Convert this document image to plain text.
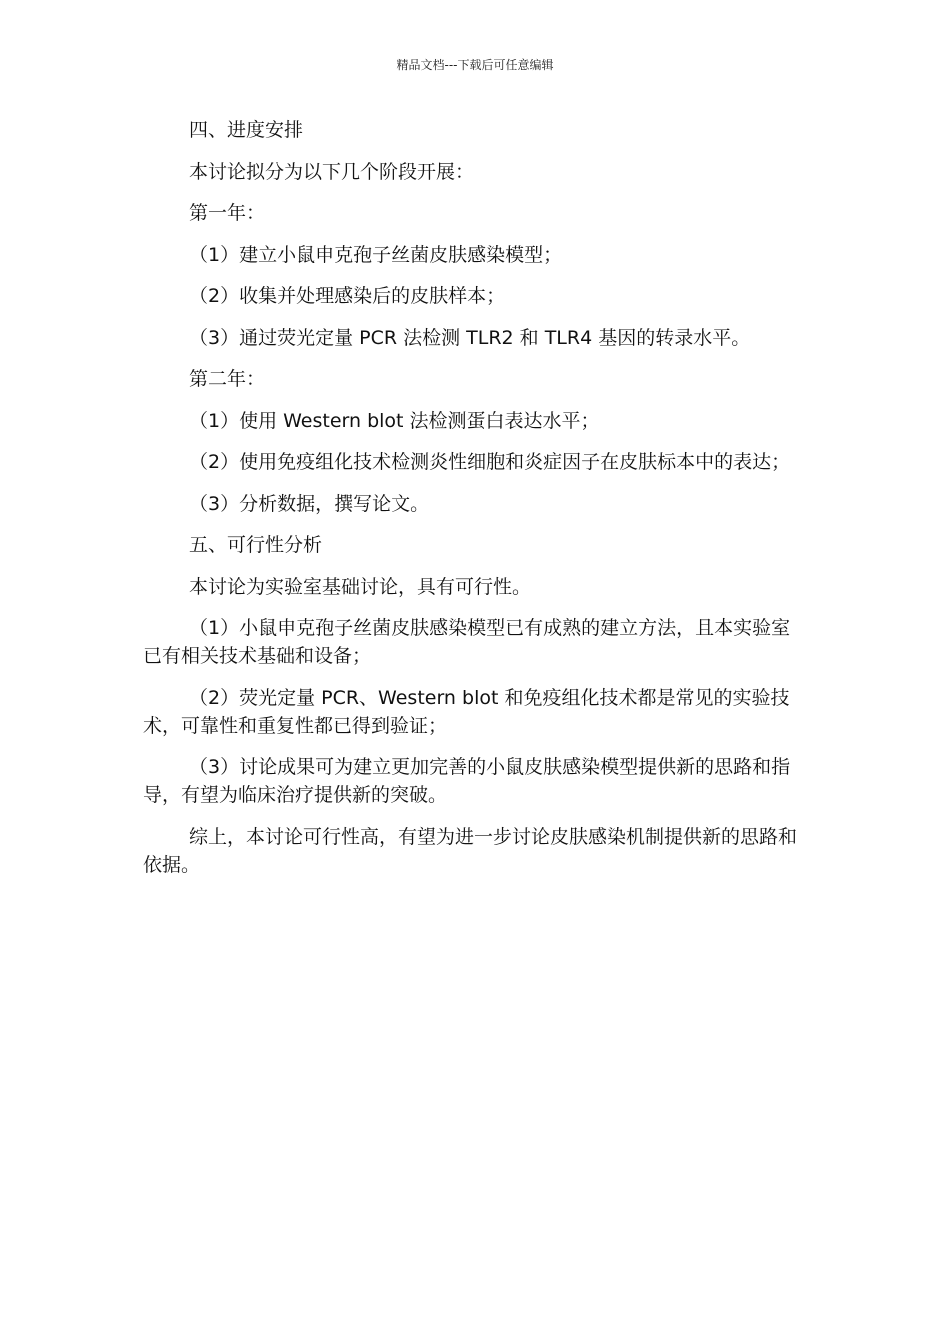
精品文档---下载后可任意编辑

四、进度安排

本讨论拟分为以下几个阶段开展：

第一年：

（1）建立小鼠申克孢子丝菌皮肤感染模型；

（2）收集并处理感染后的皮肤样本；

（3）通过荧光定量 PCR 法检测 TLR2 和 TLR4 基因的转录水平。

第二年：

（1）使用 Western blot 法检测蛋白表达水平；

（2）使用免疫组化技术检测炎性细胞和炎症因子在皮肤标本中的表达；

（3）分析数据，撰写论文。

五、可行性分析

本讨论为实验室基础讨论，具有可行性。

（1）小鼠申克孢子丝菌皮肤感染模型已有成熟的建立方法，且本实验室已有相关技术基础和设备；

（2）荧光定量 PCR、Western blot 和免疫组化技术都是常见的实验技术，可靠性和重复性都已得到验证；

（3）讨论成果可为建立更加完善的小鼠皮肤感染模型提供新的思路和指导，有望为临床治疗提供新的突破。

综上，本讨论可行性高，有望为进一步讨论皮肤感染机制提供新的思路和依据。
